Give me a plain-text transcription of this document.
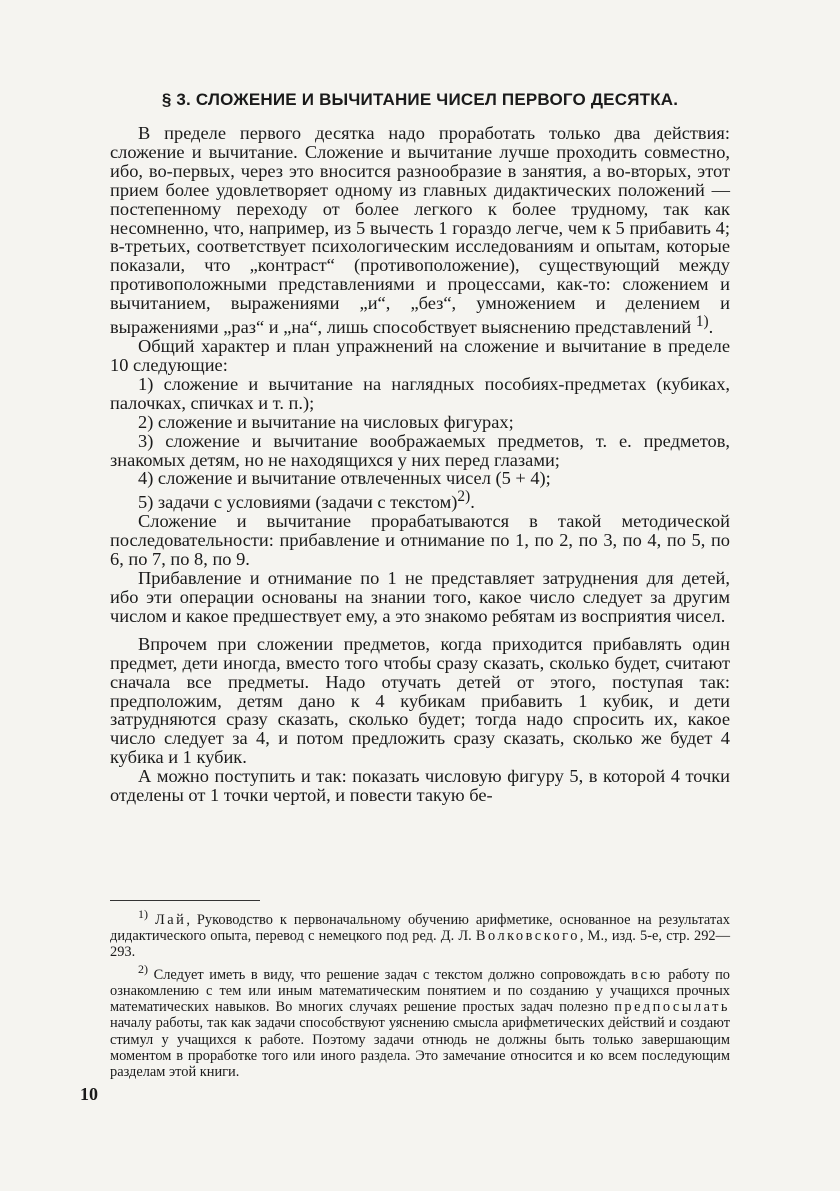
§ 3. СЛОЖЕНИЕ И ВЫЧИТАНИЕ ЧИСЕЛ ПЕРВОГО ДЕСЯТКА.

В пределе первого десятка надо проработать только два действия: сложение и вычитание. Сложение и вычитание лучше проходить совместно, ибо, во-первых, через это вносится разнообразие в занятия, а во-вторых, этот прием более удовлетворяет одному из главных дидактических положений — постепенному переходу от более легкого к более трудному, так как несомненно, что, например, из 5 вычесть 1 гораздо легче, чем к 5 прибавить 4; в-третьих, соответствует психологическим исследованиям и опытам, которые показали, что „контраст“ (противоположение), существующий между противоположными представлениями и процессами, как-то: сложением и вычитанием, выражениями „и“, „без“, умножением и делением и выражениями „раз“ и „на“, лишь способствует выяснению представлений $^{1)}$.

Общий характер и план упражнений на сложение и вычитание в пределе 10 следующие:

1) сложение и вычитание на наглядных пособиях-предметах (кубиках, палочках, спичках и т. п.);

2) сложение и вычитание на числовых фигурах;

3) сложение и вычитание воображаемых предметов, т. е. предметов, знакомых детям, но не находящихся у них перед глазами;

4) сложение и вычитание отвлеченных чисел (5 + 4);

5) задачи с условиями (задачи с текстом)$^{2)}$.

Сложение и вычитание прорабатываются в такой методической последовательности: прибавление и отнимание по 1, по 2, по 3, по 4, по 5, по 6, по 7, по 8, по 9.

Прибавление и отнимание по 1 не представляет затруднения для детей, ибо эти операции основаны на знании того, какое число следует за другим числом и какое предшествует ему, а это знакомо ребятам из восприятия чисел.

Впрочем при сложении предметов, когда приходится прибавлять один предмет, дети иногда, вместо того чтобы сразу сказать, сколько будет, считают сначала все предметы. Надо отучать детей от этого, поступая так: предположим, детям дано к 4 кубикам прибавить 1 кубик, и дети затрудняются сразу сказать, сколько будет; тогда надо спросить их, какое число следует за 4, и потом предложить сразу сказать, сколько же будет 4 кубика и 1 кубик.

А можно поступить и так: показать числовую фигуру 5, в которой 4 точки отделены от 1 точки чертой, и повести такую бе-

$^{1)}$ Лай, Руководство к первоначальному обучению арифметике, основанное на результатах дидактического опыта, перевод с немецкого под ред. Д. Л. Волковского, М., изд. 5-е, стр. 292—293.

$^{2)}$ Следует иметь в виду, что решение задач с текстом должно сопровождать всю работу по ознакомлению с тем или иным математическим понятием и по созданию у учащихся прочных математических навыков. Во многих случаях решение простых задач полезно предпосылать началу работы, так как задачи способствуют уяснению смысла арифметических действий и создают стимул у учащихся к работе. Поэтому задачи отнюдь не должны быть только завершающим моментом в проработке того или иного раздела. Это замечание относится и ко всем последующим разделам этой книги.

10
